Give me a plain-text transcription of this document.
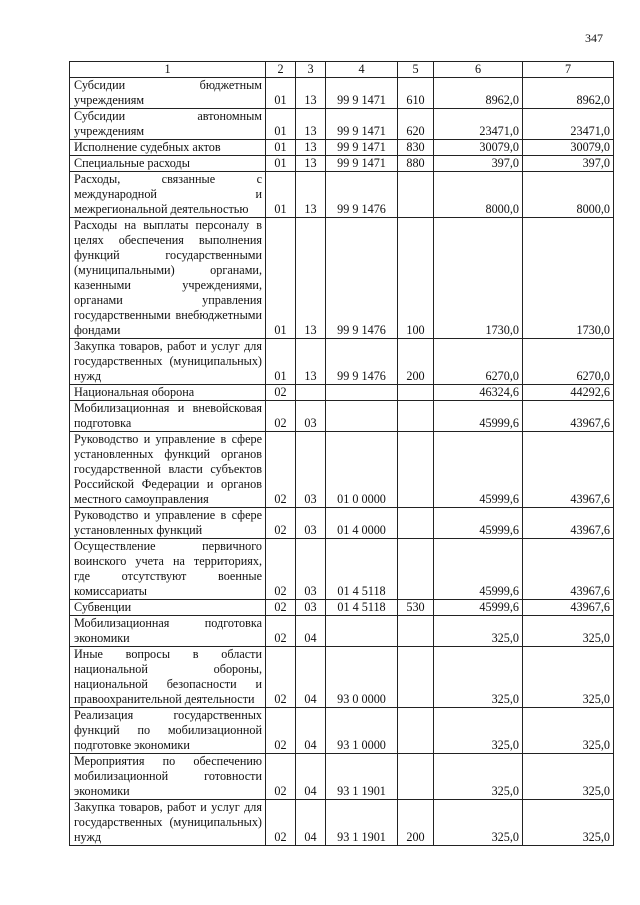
347
1	2	3	4	5	6	7
Субсидии бюджетным учреждениям	01	13	99 9 1471	610	8962,0	8962,0
Субсидии автономным учреждениям	01	13	99 9 1471	620	23471,0	23471,0
Исполнение судебных актов	01	13	99 9 1471	830	30079,0	30079,0
Специальные расходы	01	13	99 9 1471	880	397,0	397,0
Расходы, связанные с международной и межрегиональной деятельностью	01	13	99 9 1476		8000,0	8000,0
Расходы на выплаты персоналу в целях обеспечения выполнения функций государственными (муниципальными) органами, казенными учреждениями, органами управления государственными внебюджетными фондами	01	13	99 9 1476	100	1730,0	1730,0
Закупка товаров, работ и услуг для государственных (муниципальных) нужд	01	13	99 9 1476	200	6270,0	6270,0
Национальная оборона	02				46324,6	44292,6
Мобилизационная и вневойсковая подготовка	02	03			45999,6	43967,6
Руководство и управление в сфере установленных функций органов государственной власти субъектов Российской Федерации и органов местного самоуправления	02	03	01 0 0000		45999,6	43967,6
Руководство и управление в сфере установленных функций	02	03	01 4 0000		45999,6	43967,6
Осуществление первичного воинского учета на территориях, где отсутствуют военные комиссариаты	02	03	01 4 5118		45999,6	43967,6
Субвенции	02	03	01 4 5118	530	45999,6	43967,6
Мобилизационная подготовка экономики	02	04			325,0	325,0
Иные вопросы в области национальной обороны, национальной безопасности и правоохранительной деятельности	02	04	93 0 0000		325,0	325,0
Реализация государственных функций по мобилизационной подготовке экономики	02	04	93 1 0000		325,0	325,0
Мероприятия по обеспечению мобилизационной готовности экономики	02	04	93 1 1901		325,0	325,0
Закупка товаров, работ и услуг для государственных (муниципальных) нужд	02	04	93 1 1901	200	325,0	325,0
